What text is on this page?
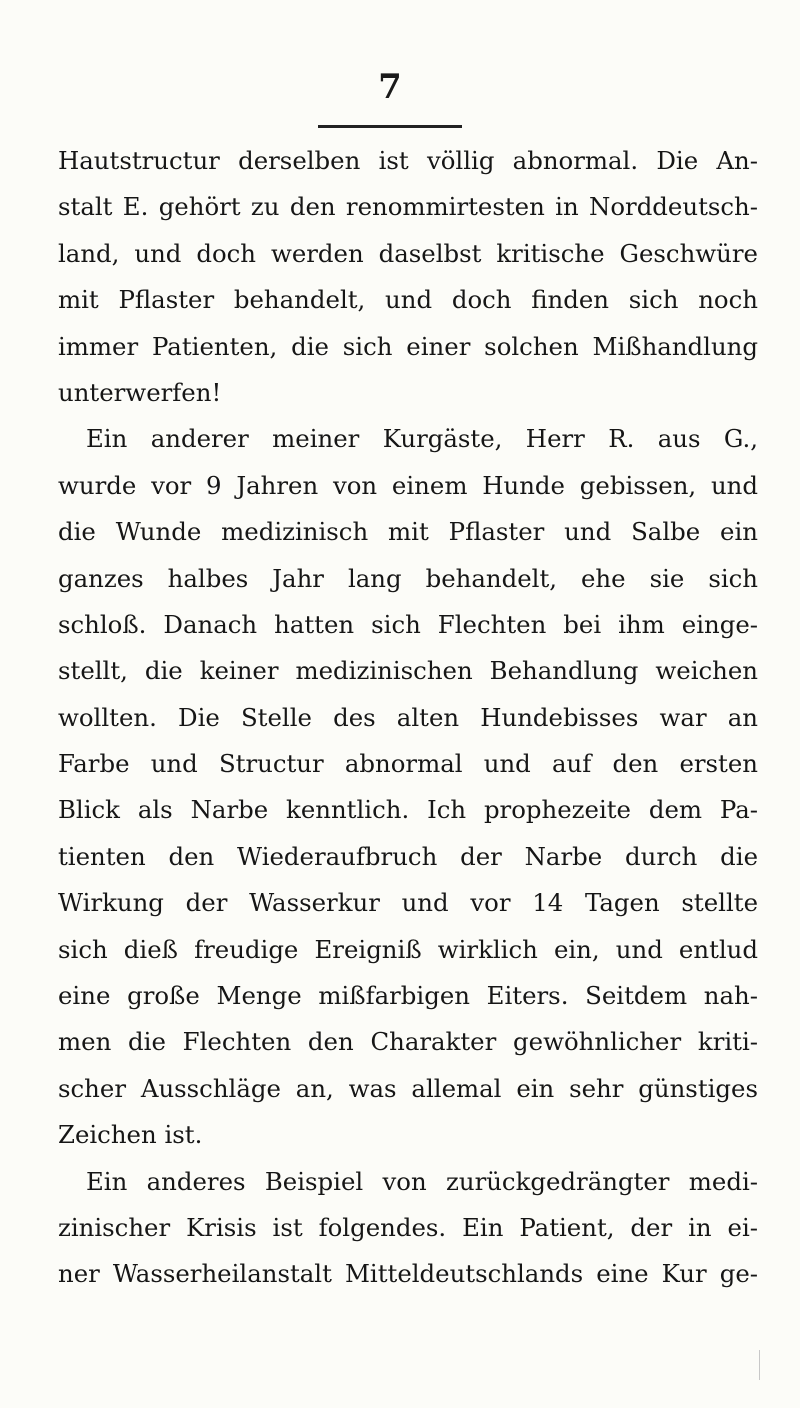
7
Hautstructur derselben ist völlig abnormal. Die An-
stalt E. gehört zu den renommirtesten in Norddeutsch-
land, und doch werden daselbst kritische Geschwüre
mit Pflaster behandelt, und doch finden sich noch
immer Patienten, die sich einer solchen Mißhandlung
unterwerfen!
Ein anderer meiner Kurgäste, Herr R. aus G.,
wurde vor 9 Jahren von einem Hunde gebissen, und
die Wunde medizinisch mit Pflaster und Salbe ein
ganzes halbes Jahr lang behandelt, ehe sie sich
schloß. Danach hatten sich Flechten bei ihm einge-
stellt, die keiner medizinischen Behandlung weichen
wollten. Die Stelle des alten Hundebisses war an
Farbe und Structur abnormal und auf den ersten
Blick als Narbe kenntlich. Ich prophezeite dem Pa-
tienten den Wiederaufbruch der Narbe durch die
Wirkung der Wasserkur und vor 14 Tagen stellte
sich dieß freudige Ereigniß wirklich ein, und entlud
eine große Menge mißfarbigen Eiters. Seitdem nah-
men die Flechten den Charakter gewöhnlicher kriti-
scher Ausschläge an, was allemal ein sehr günstiges
Zeichen ist.
Ein anderes Beispiel von zurückgedrängter medi-
zinischer Krisis ist folgendes. Ein Patient, der in ei-
ner Wasserheilanstalt Mitteldeutschlands eine Kur ge-
